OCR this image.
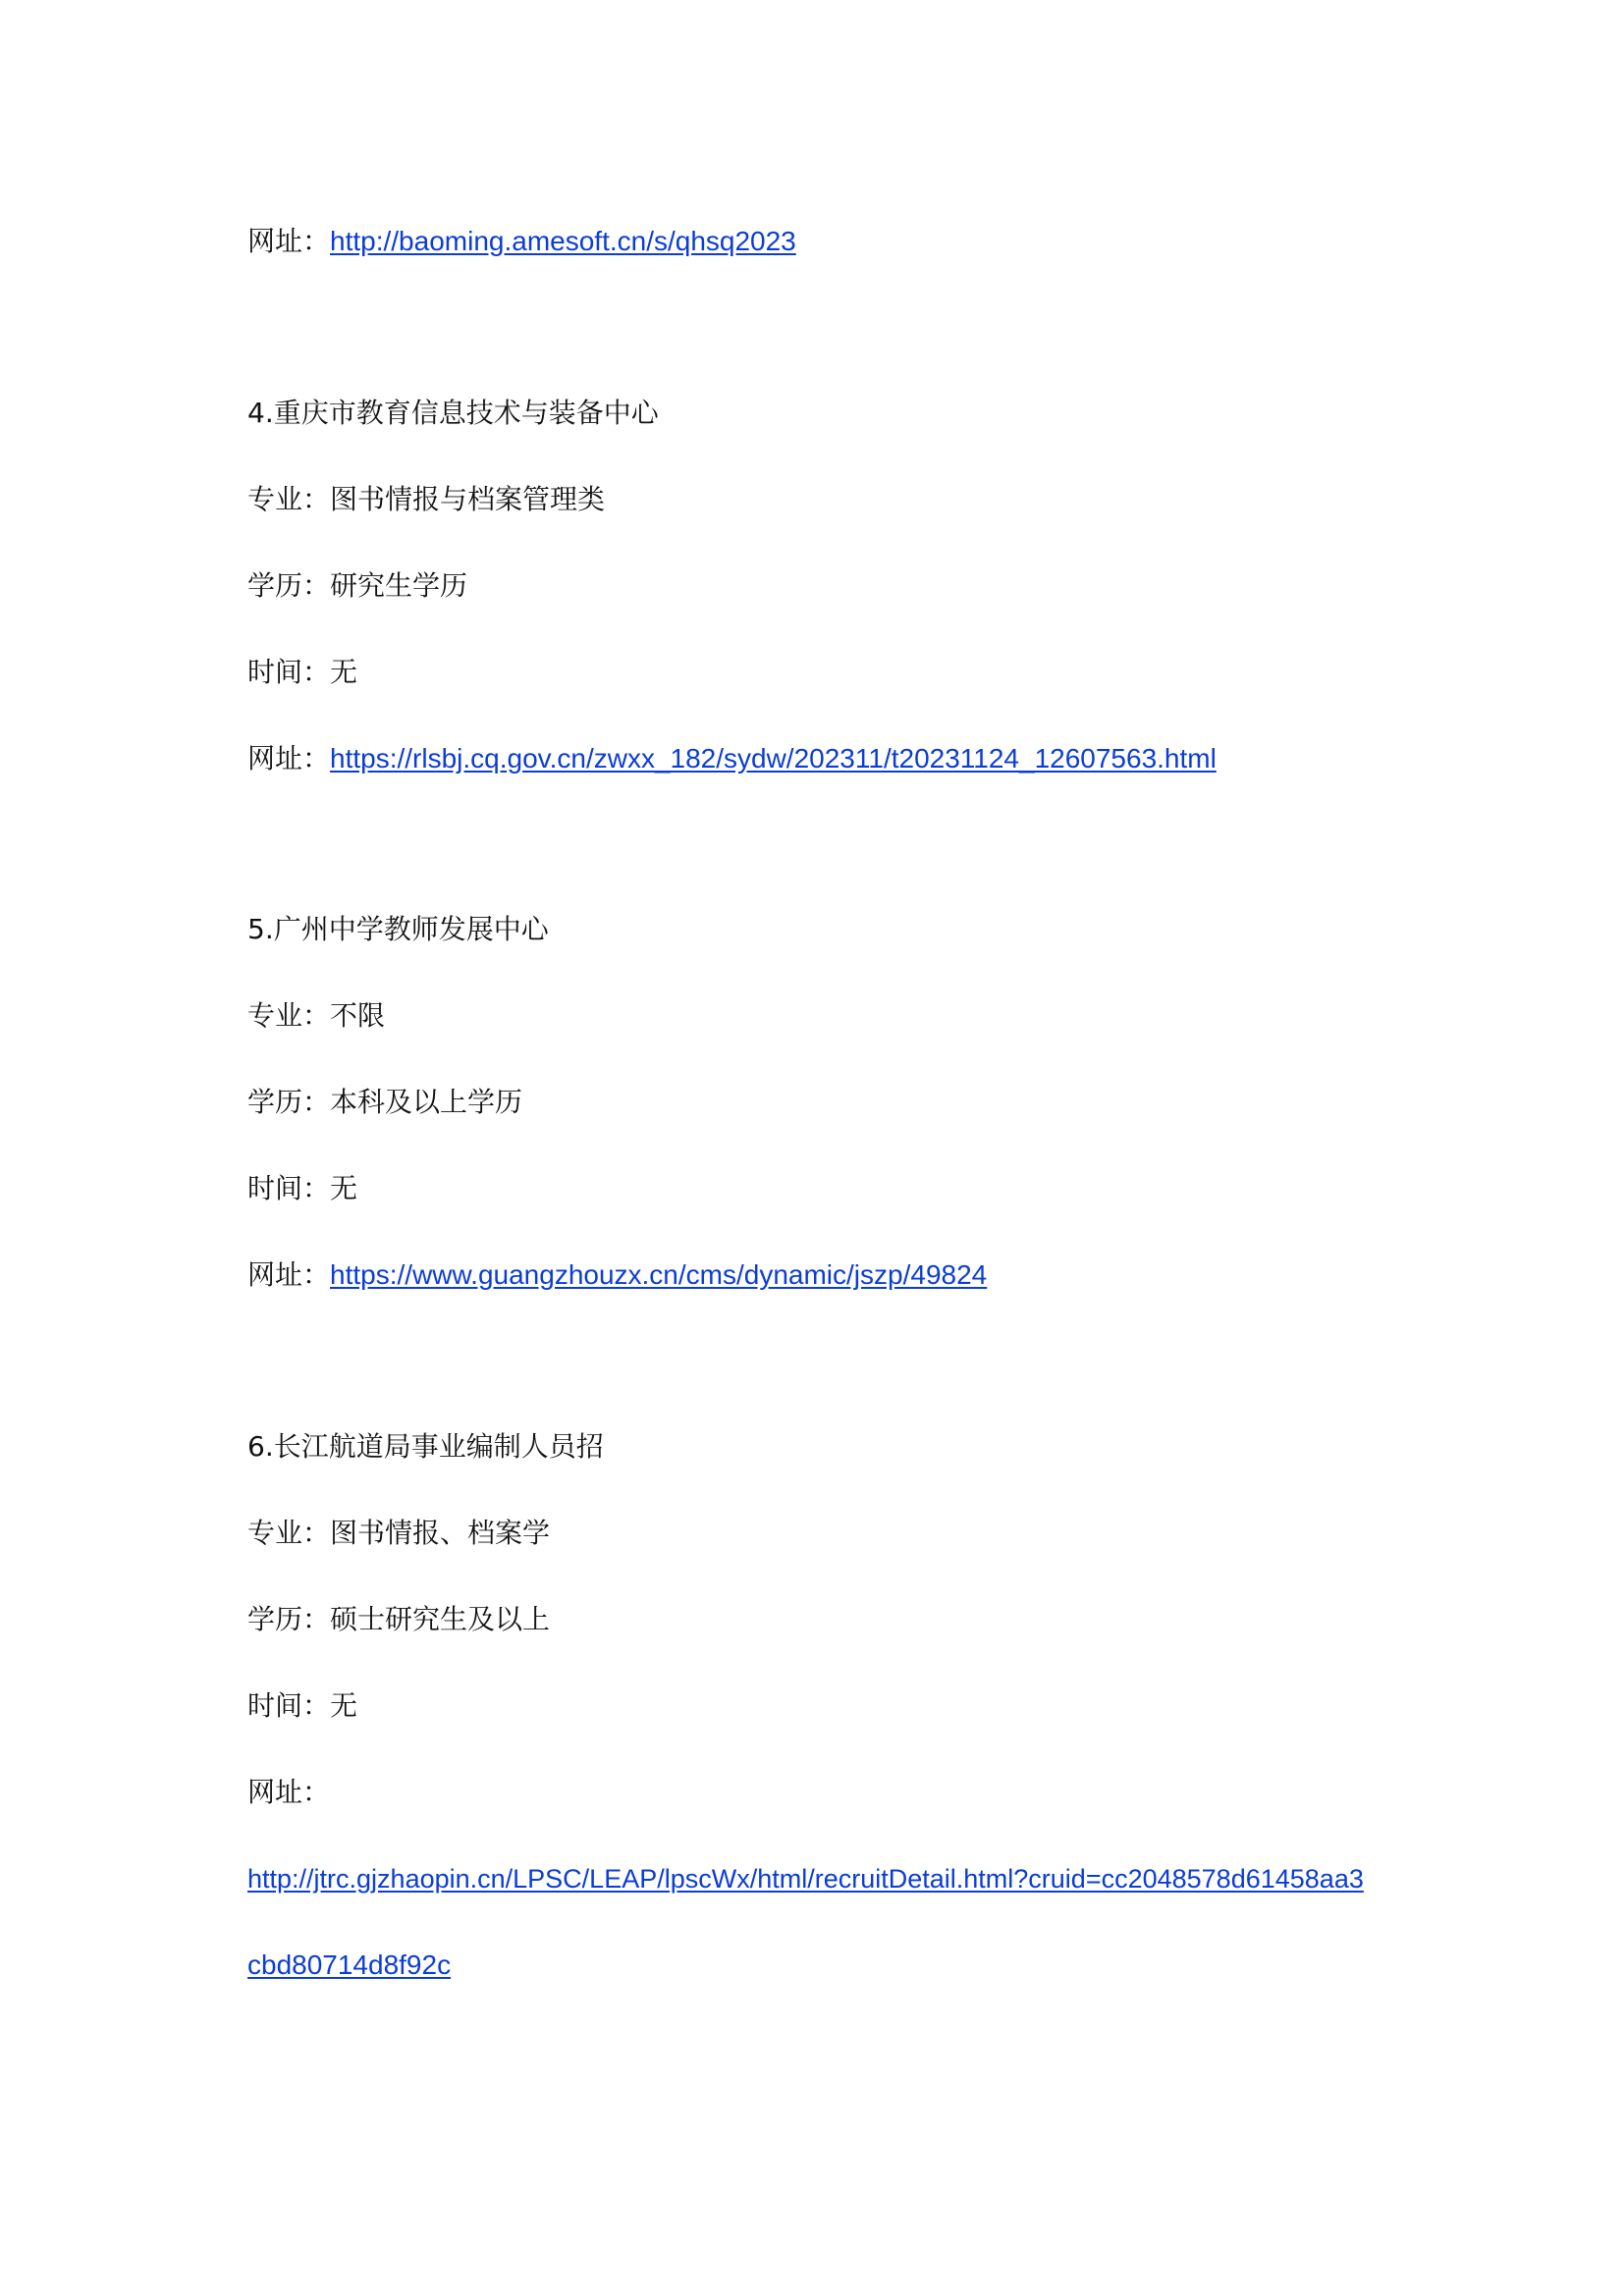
网址：http://baoming.amesoft.cn/s/qhsq2023
4.重庆市教育信息技术与装备中心
专业：图书情报与档案管理类
学历：研究生学历
时间：无
网址：https://rlsbj.cq.gov.cn/zwxx_182/sydw/202311/t20231124_12607563.html
5.广州中学教师发展中心
专业：不限
学历：本科及以上学历
时间：无
网址：https://www.guangzhouzx.cn/cms/dynamic/jszp/49824
6.长江航道局事业编制人员招
专业：图书情报、档案学
学历：硕士研究生及以上
时间：无
网址：
http://jtrc.gjzhaopin.cn/LPSC/LEAP/lpscWx/html/recruitDetail.html?cruid=cc2048578d61458aa3
cbd80714d8f92c
